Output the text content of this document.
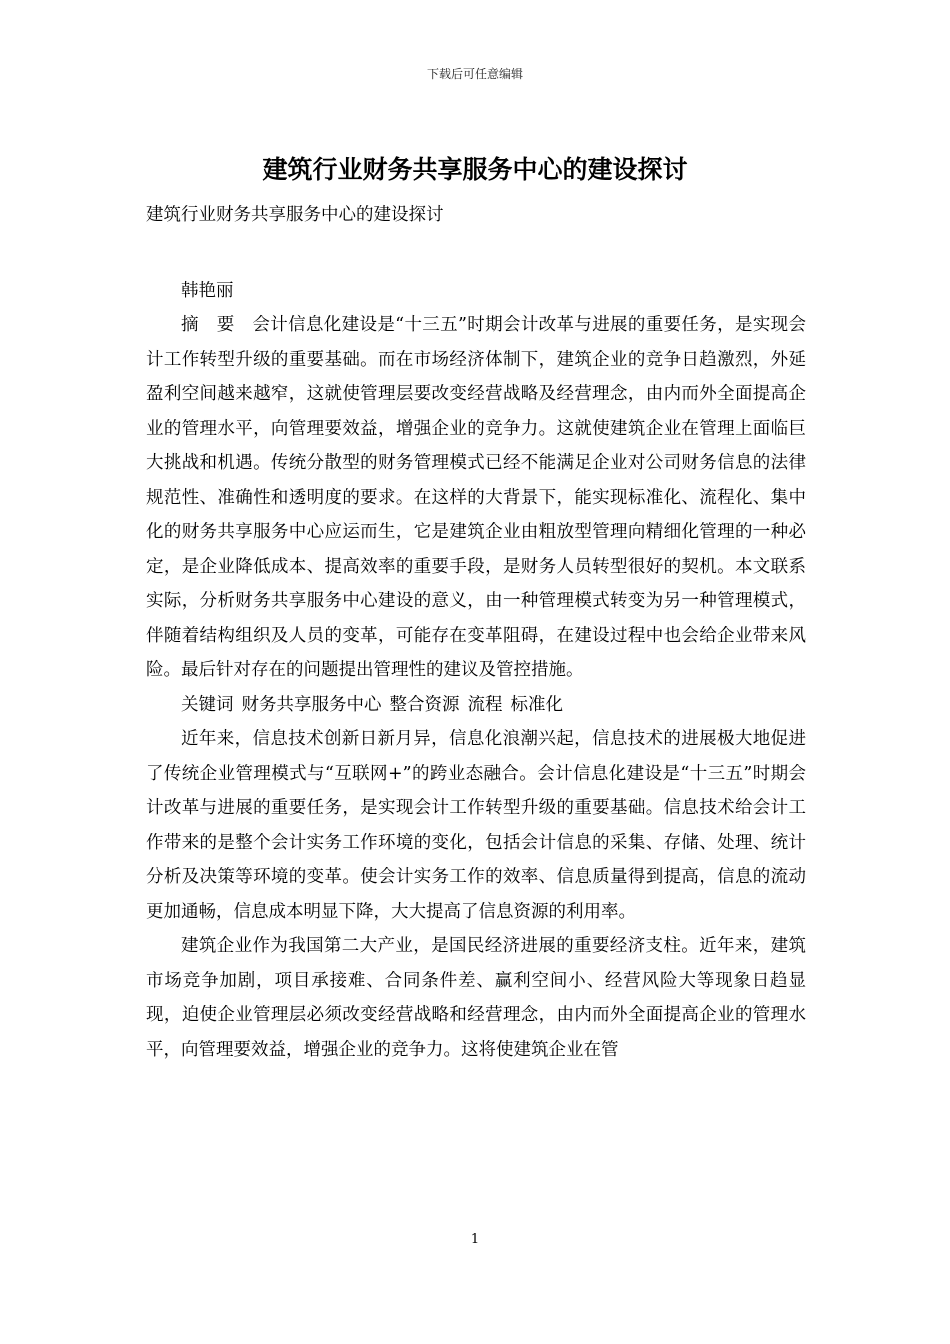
下载后可任意编辑
建筑行业财务共享服务中心的建设探讨

建筑行业财务共享服务中心的建设探讨

韩艳丽

摘　要　 会计信息化建设是“十三五”时期会计改革与进展的重要任务，是实现会计工作转型升级的重要基础。而在市场经济体制下，建筑企业的竞争日趋激烈，外延盈利空间越来越窄，这就使管理层要改变经营战略及经营理念，由内而外全面提高企业的管理水平，向管理要效益，增强企业的竞争力。这就使建筑企业在管理上面临巨大挑战和机遇。传统分散型的财务管理模式已经不能满足企业对公司财务信息的法律规范性、准确性和透明度的要求。在这样的大背景下，能实现标准化、流程化、集中化的财务共享服务中心应运而生，它是建筑企业由粗放型管理向精细化管理的一种必定，是企业降低成本、提高效率的重要手段，是财务人员转型很好的契机。本文联系实际，分析财务共享服务中心建设的意义，由一种管理模式转变为另一种管理模式，伴随着结构组织及人员的变革，可能存在变革阻碍，在建设过程中也会给企业带来风险。最后针对存在的问题提出管理性的建议及管控措施。

关键词 财务共享服务中心 整合资源 流程 标准化

近年来，信息技术创新日新月异，信息化浪潮兴起，信息技术的进展极大地促进了传统企业管理模式与“互联网+”的跨业态融合。会计信息化建设是“十三五”时期会计改革与进展的重要任务，是实现会计工作转型升级的重要基础。信息技术给会计工作带来的是整个会计实务工作环境的变化，包括会计信息的采集、存储、处理、统计分析及决策等环境的变革。使会计实务工作的效率、信息质量得到提高，信息的流动更加通畅，信息成本明显下降，大大提高了信息资源的利用率。

建筑企业作为我国第二大产业，是国民经济进展的重要经济支柱。近年来，建筑市场竞争加剧，项目承接难、合同条件差、赢利空间小、经营风险大等现象日趋显现，迫使企业管理层必须改变经营战略和经营理念，由内而外全面提高企业的管理水平，向管理要效益，增强企业的竞争力。这将使建筑企业在管

1
